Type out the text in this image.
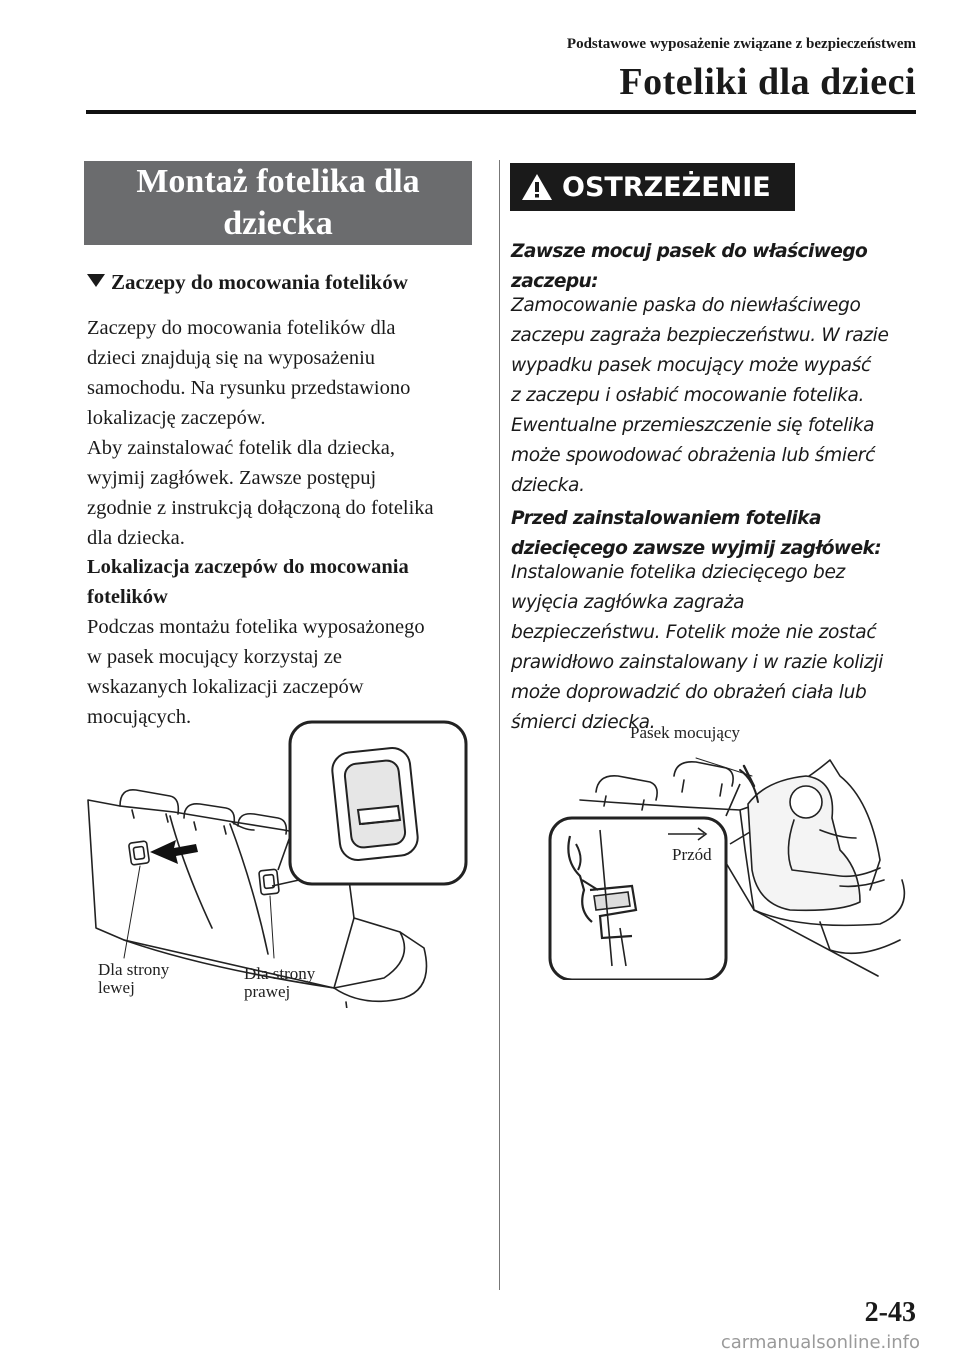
Podstawowe wyposażenie związane z bezpieczeństwem
Foteliki dla dzieci
Montaż fotelika dla
dziecka
Zaczepy do mocowania fotelików
Zaczepy do mocowania fotelików dla
dzieci znajdują się na wyposażeniu
samochodu. Na rysunku przedstawiono
lokalizację zaczepów.
Aby zainstalować fotelik dla dziecka,
wyjmij zagłówek. Zawsze postępuj
zgodnie z instrukcją dołączoną do fotelika
dla dziecka.
Lokalizacja zaczepów do mocowania
fotelików
Podczas montażu fotelika wyposażonego
w pasek mocujący korzystaj ze
wskazanych lokalizacji zaczepów
mocujących.
Dla strony
lewej
Dla strony
prawej
OSTRZEŻENIE
Zawsze mocuj pasek do właściwego
zaczepu:
Zamocowanie paska do niewłaściwego
zaczepu zagraża bezpieczeństwu. W razie
wypadku pasek mocujący może wypaść
z zaczepu i osłabić mocowanie fotelika.
Ewentualne przemieszczenie się fotelika
może spowodować obrażenia lub śmierć
dziecka.
Przed zainstalowaniem fotelika
dziecięcego zawsze wyjmij zagłówek:
Instalowanie fotelika dziecięcego bez
wyjęcia zagłówka zagraża
bezpieczeństwu. Fotelik może nie zostać
prawidłowo zainstalowany i w razie kolizji
może doprowadzić do obrażeń ciała lub
śmierci dziecka.
Pasek mocujący
Przód
2-43
carmanualsonline.info
